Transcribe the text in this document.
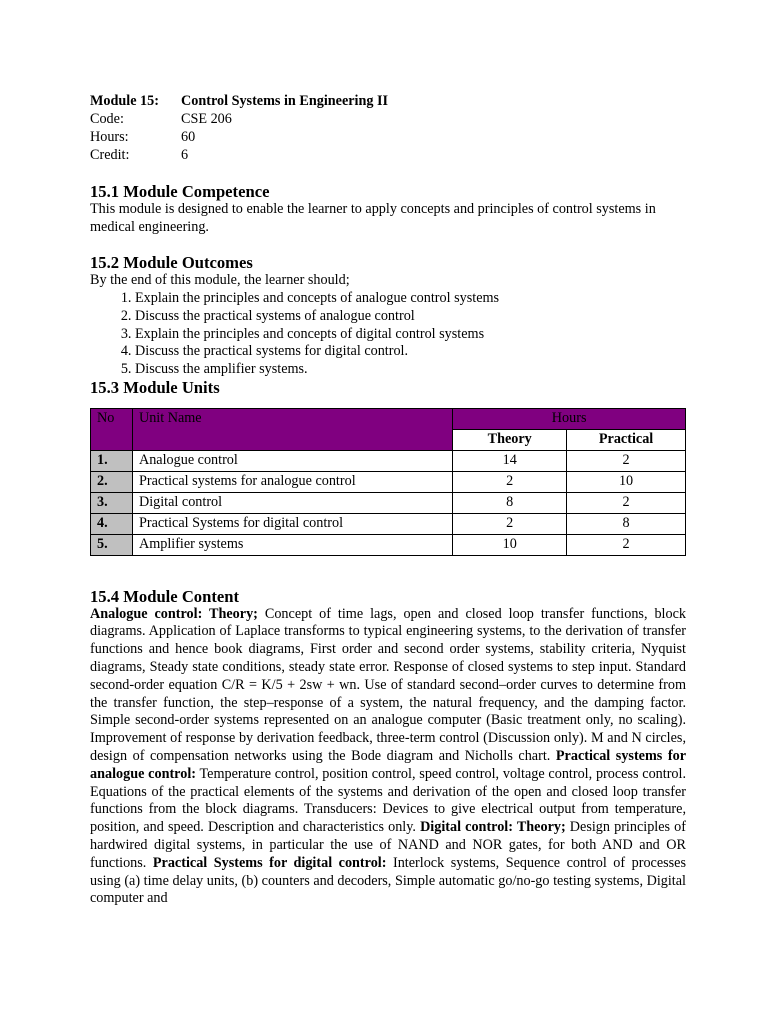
Module 15:	Control Systems in Engineering II
Code:	CSE 206
Hours:	60
Credit:	6
15.1 Module Competence

This module is designed to enable the learner to apply concepts and principles of control systems in medical engineering.

15.2 Module Outcomes

By the end of this module, the learner should;

1. Explain the principles and concepts of analogue control systems
2. Discuss the practical systems of analogue control
3. Explain the principles and concepts of digital control systems
4. Discuss the practical systems for digital control.
5. Discuss the amplifier systems.
15.3 Module Units
No	Unit Name	Hours	
		Theory	Practical
1.	Analogue control	14	2
2.	Practical systems for analogue control	2	10
3.	Digital control	8	2
4.	Practical Systems for digital control	2	8
5.	Amplifier systems	10	2
15.4 Module Content

Analogue control: Theory; Concept of time lags, open and closed loop transfer functions, block diagrams. Application of Laplace transforms to typical engineering systems, to the derivation of transfer functions and hence book diagrams, First order and second order systems, stability criteria, Nyquist diagrams, Steady state conditions, steady state error. Response of closed systems to step input. Standard second-order equation C/R = K/5 + 2sw + wn. Use of standard second–order curves to determine from the transfer function, the step–response of a system, the natural frequency, and the damping factor. Simple second-order systems represented on an analogue computer (Basic treatment only, no scaling). Improvement of response by derivation feedback, three-term control (Discussion only). M and N circles, design of compensation networks using the Bode diagram and Nicholls chart. Practical systems for analogue control: Temperature control, position control, speed control, voltage control, process control. Equations of the practical elements of the systems and derivation of the open and closed loop transfer functions from the block diagrams. Transducers: Devices to give electrical output from temperature, position, and speed. Description and characteristics only. Digital control: Theory; Design principles of hardwired digital systems, in particular the use of NAND and NOR gates, for both AND and OR functions. Practical Systems for digital control: Interlock systems, Sequence control of processes using (a) time delay units, (b) counters and decoders, Simple automatic go/no-go testing systems, Digital computer and
